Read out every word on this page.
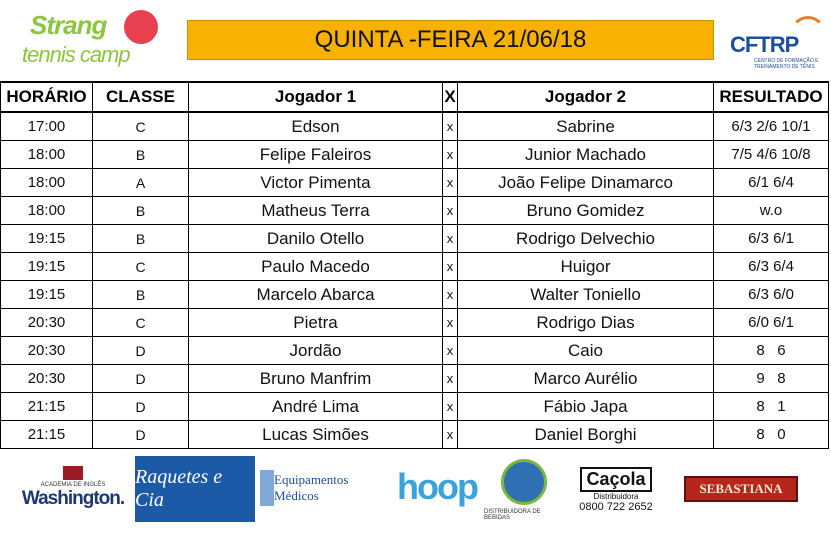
Strang
tennis camp
QUINTA -FEIRA 21/06/18	CFTRP
CENTRO DE FORMAÇÃO E TREINAMENTO DE TÊNIS
HORÁRIO	CLASSE	Jogador 1	X	Jogador 2	RESULTADO
17:00	C	Edson	x	Sabrine	6/3 2/6 10/1
18:00	B	Felipe Faleiros	x	Junior Machado	7/5 4/6 10/8
18:00	A	Victor Pimenta	x	João Felipe Dinamarco	6/1 6/4
18:00	B	Matheus Terra	x	Bruno Gomidez	w.o
19:15	B	Danilo Otello	x	Rodrigo Delvechio	6/3 6/1
19:15	C	Paulo Macedo	x	Huigor	6/3 6/4
19:15	B	Marcelo Abarca	x	Walter Toniello	6/3 6/0
20:30	C	Pietra	x	Rodrigo Dias	6/0 6/1
20:30	D	Jordão	x	Caio	8   6
20:30	D	Bruno Manfrim	x	Marco Aurélio	9   8
21:15	D	André Lima	x	Fábio Japa	8   1
21:15	D	Lucas Simões	x	Daniel Borghi	8   0
ACADEMIA DE INGLÊS
Washington.
Raquetes e Cia
Equipamentos Médicos	hoop
DISTRIBUIDORA DE BEBIDAS
Caçola
Distribuidora
0800 722 2652
SEBASTIANA
